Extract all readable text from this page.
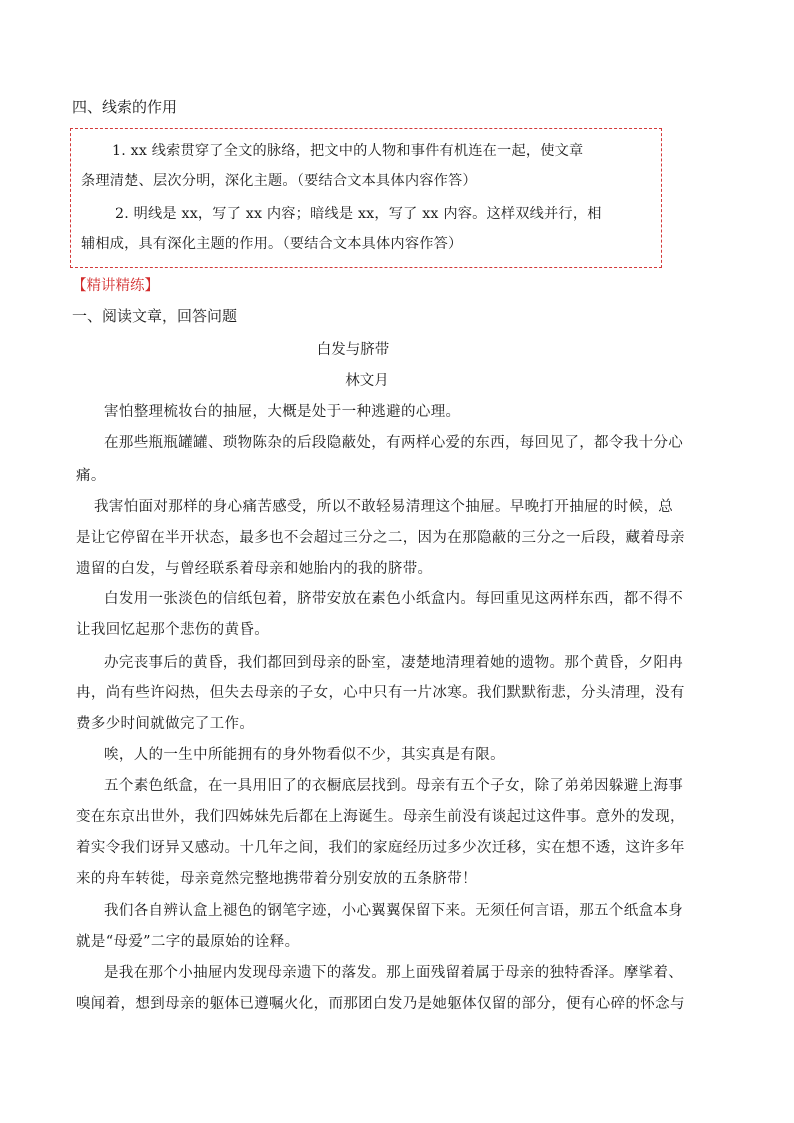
四、线索的作用
1. xx 线索贯穿了全文的脉络，把文中的人物和事件有机连在一起，使文章
条理清楚、层次分明，深化主题。（要结合文本具体内容作答）
2. 明线是 xx，写了 xx 内容；暗线是 xx，写了 xx 内容。这样双线并行，相
辅相成，具有深化主题的作用。（要结合文本具体内容作答）
【精讲精练】
一、阅读文章，回答问题
白发与脐带
林文月
害怕整理梳妆台的抽屉，大概是处于一种逃避的心理。
在那些瓶瓶罐罐、琐物陈杂的后段隐蔽处，有两样心爱的东西，每回见了，都令我十分心
痛。
我害怕面对那样的身心痛苦感受，所以不敢轻易清理这个抽屉。早晚打开抽屉的时候，总
是让它停留在半开状态，最多也不会超过三分之二，因为在那隐蔽的三分之一后段，藏着母亲
遗留的白发，与曾经联系着母亲和她胎内的我的脐带。
白发用一张淡色的信纸包着，脐带安放在素色小纸盒内。每回重见这两样东西，都不得不
让我回忆起那个悲伤的黄昏。
办完丧事后的黄昏，我们都回到母亲的卧室，凄楚地清理着她的遗物。那个黄昏，夕阳冉
冉，尚有些许闷热，但失去母亲的子女，心中只有一片冰寒。我们默默衔悲，分头清理，没有
费多少时间就做完了工作。
唉，人的一生中所能拥有的身外物看似不少，其实真是有限。
五个素色纸盒，在一具用旧了的衣橱底层找到。母亲有五个子女，除了弟弟因躲避上海事
变在东京出世外，我们四姊妹先后都在上海诞生。母亲生前没有谈起过这件事。意外的发现，
着实令我们讶异又感动。十几年之间，我们的家庭经历过多少次迁移，实在想不透，这许多年
来的舟车转徙，母亲竟然完整地携带着分别安放的五条脐带！
我们各自辨认盒上褪色的钢笔字迹，小心翼翼保留下来。无须任何言语，那五个纸盒本身
就是“母爱”二字的最原始的诠释。
是我在那个小抽屉内发现母亲遗下的落发。那上面残留着属于母亲的独特香泽。摩挲着、
嗅闻着，想到母亲的躯体已遵嘱火化，而那团白发乃是她躯体仅留的部分，便有心碎的怀念与
